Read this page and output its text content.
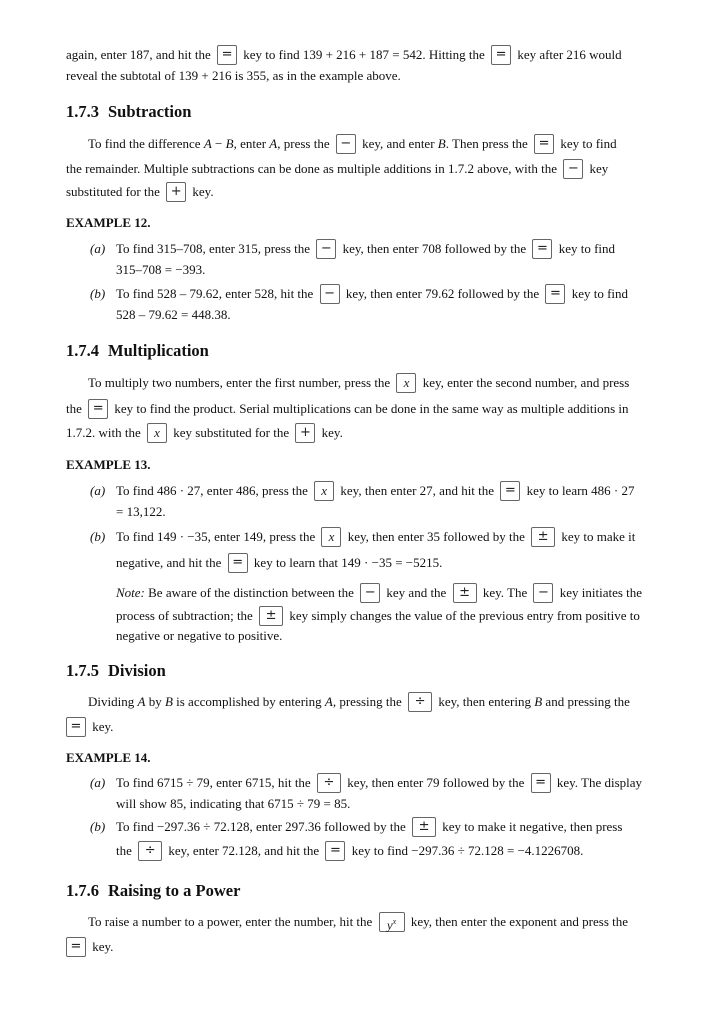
again, enter 187, and hit the = key to find 139 + 216 + 187 = 542. Hitting the = key after 216 would
reveal the subtotal of 139 + 216 is 355, as in the example above.
1.7.3 Subtraction
To find the difference A − B, enter A, press the − key, and enter B. Then press the = key to find
the remainder. Multiple subtractions can be done as multiple additions in 1.7.2 above, with the − key
substituted for the + key.
EXAMPLE 12.
(a) To find 315–708, enter 315, press the − key, then enter 708 followed by the = key to find
315–708 = −393.
(b) To find 528 – 79.62, enter 528, hit the − key, then enter 79.62 followed by the = key to find
528 – 79.62 = 448.38.
1.7.4 Multiplication
To multiply two numbers, enter the first number, press the x key, enter the second number, and press
the = key to find the product. Serial multiplications can be done in the same way as multiple additions in
1.7.2. with the x key substituted for the + key.
EXAMPLE 13.
(a) To find 486 · 27, enter 486, press the x key, then enter 27, and hit the = key to learn 486 · 27
= 13,122.
(b) To find 149 · −35, enter 149, press the x key, then enter 35 followed by the ± key to make it
negative, and hit the = key to learn that 149 · −35 = −5215.
Note: Be aware of the distinction between the − key and the ± key. The − key initiates the
process of subtraction; the ± key simply changes the value of the previous entry from positive to
negative or negative to positive.
1.7.5 Division
Dividing A by B is accomplished by entering A, pressing the ÷ key, then entering B and pressing the
= key.
EXAMPLE 14.
(a) To find 6715 ÷ 79, enter 6715, hit the ÷ key, then enter 79 followed by the = key. The display
will show 85, indicating that 6715 ÷ 79 = 85.
(b) To find −297.36 ÷ 72.128, enter 297.36 followed by the ± key to make it negative, then press
the ÷ key, enter 72.128, and hit the = key to find −297.36 ÷ 72.128 = −4.1226708.
1.7.6 Raising to a Power
To raise a number to a power, enter the number, hit the $y^x$ key, then enter the exponent and press the
= key.
